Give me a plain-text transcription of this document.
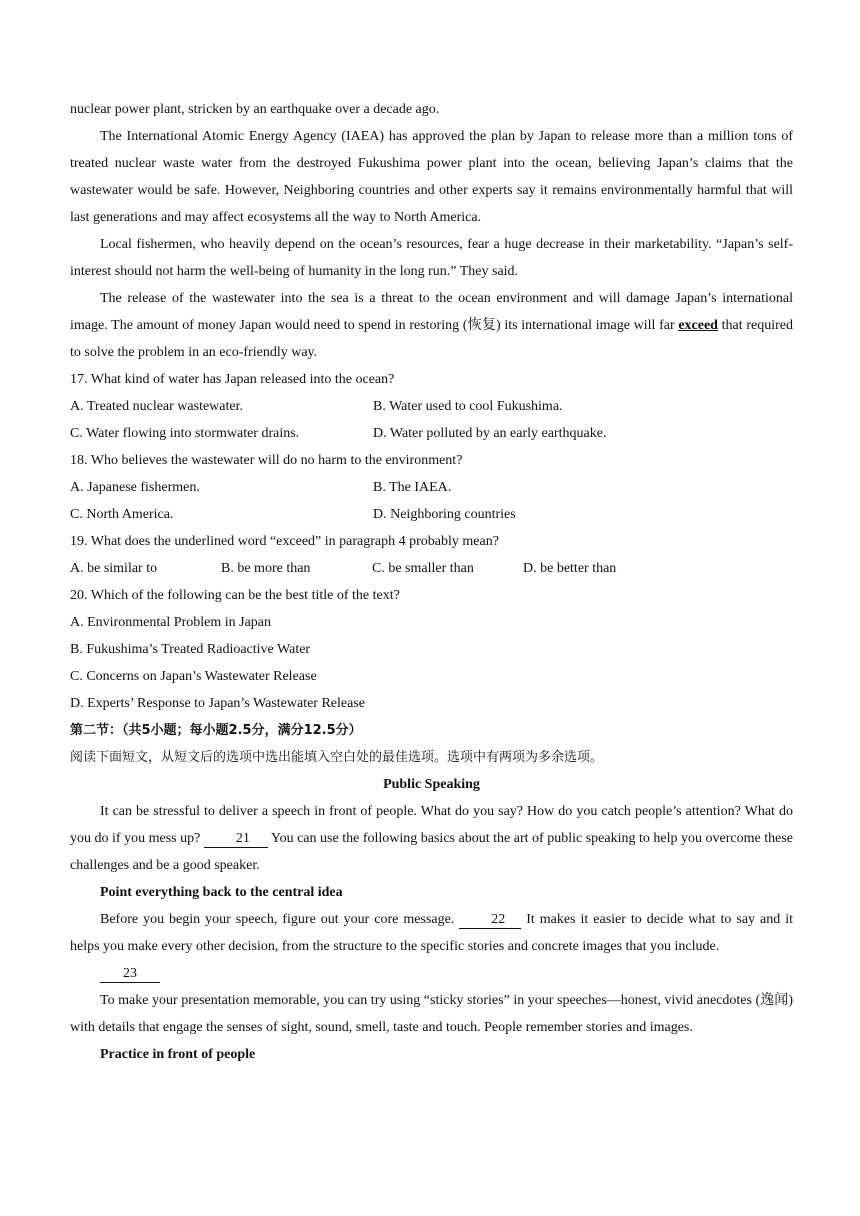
nuclear power plant, stricken by an earthquake over a decade ago.

The International Atomic Energy Agency (IAEA) has approved the plan by Japan to release more than a million tons of treated nuclear waste water from the destroyed Fukushima power plant into the ocean, believing Japan’s claims that the wastewater would be safe. However, Neighboring countries and other experts say it remains environmentally harmful that will last generations and may affect ecosystems all the way to North America.

Local fishermen, who heavily depend on the ocean’s resources, fear a huge decrease in their marketability. “Japan’s self-interest should not harm the well-being of humanity in the long run.” They said.

The release of the wastewater into the sea is a threat to the ocean environment and will damage Japan’s international image. The amount of money Japan would need to spend in restoring (恢复) its international image will far exceed that required to solve the problem in an eco-friendly way.

17. What kind of water has Japan released into the ocean?

A. Treated nuclear wastewater.	B. Water used to cool Fukushima.
C. Water flowing into stormwater drains.	D. Water polluted by an early earthquake.

18. Who believes the wastewater will do no harm to the environment?

A. Japanese fishermen.	B. The IAEA.
C. North America.	D. Neighboring countries

19. What does the underlined word “exceed” in paragraph 4 probably mean?

A. be similar to	B. be more than	C. be smaller than	D. be better than

20. Which of the following can be the best title of the text?

A. Environmental Problem in Japan

B. Fukushima’s Treated Radioactive Water

C. Concerns on Japan’s Wastewater Release

D. Experts’ Response to Japan’s Wastewater Release

第二节：（共5小题；每小题2.5分，满分12.5分）

阅读下面短文，从短文后的选项中选出能填入空白处的最佳选项。选项中有两项为多余选项。

Public Speaking

It can be stressful to deliver a speech in front of people. What do you say? How do you catch people’s attention? What do you do if you mess up? 21 You can use the following basics about the art of public speaking to help you overcome these challenges and be a good speaker.

Point everything back to the central idea

Before you begin your speech, figure out your core message. 22 It makes it easier to decide what to say and it helps you make every other decision, from the structure to the specific stories and concrete images that you include.

23

To make your presentation memorable, you can try using “sticky stories” in your speeches—honest, vivid anecdotes (逸闻) with details that engage the senses of sight, sound, smell, taste and touch. People remember stories and images.

Practice in front of people
